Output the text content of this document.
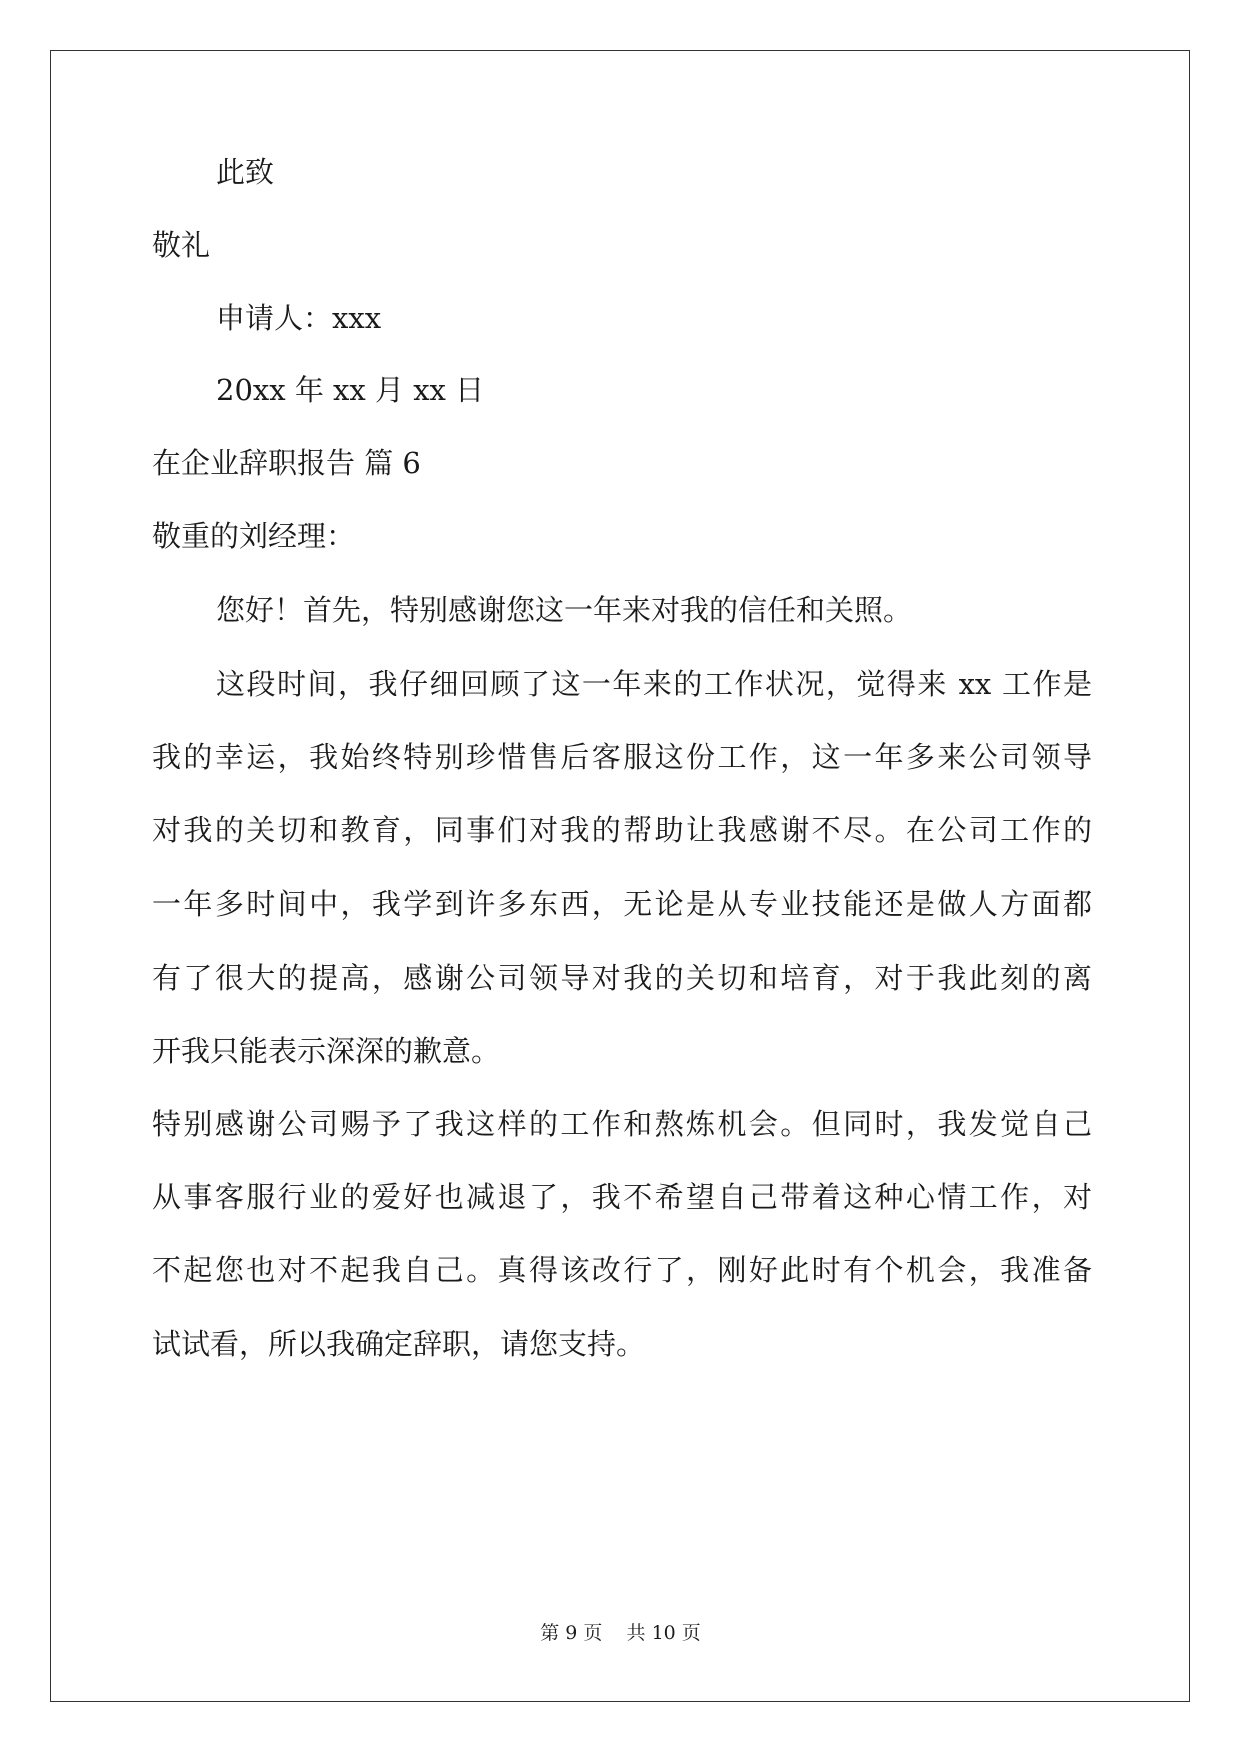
此致
敬礼
申请人：xxx
20xx 年 xx 月 xx 日
在企业辞职报告 篇 6
敬重的刘经理：
您好！首先，特别感谢您这一年来对我的信任和关照。
这段时间，我仔细回顾了这一年来的工作状况，觉得来 xx 工作是
我的幸运，我始终特别珍惜售后客服这份工作，这一年多来公司领导
对我的关切和教育，同事们对我的帮助让我感谢不尽。在公司工作的
一年多时间中，我学到许多东西，无论是从专业技能还是做人方面都
有了很大的提高，感谢公司领导对我的关切和培育，对于我此刻的离
开我只能表示深深的歉意。
特别感谢公司赐予了我这样的工作和熬炼机会。但同时，我发觉自己
从事客服行业的爱好也减退了，我不希望自己带着这种心情工作，对
不起您也对不起我自己。真得该改行了，刚好此时有个机会，我准备
试试看，所以我确定辞职，请您支持。
第 9 页    共 10 页
